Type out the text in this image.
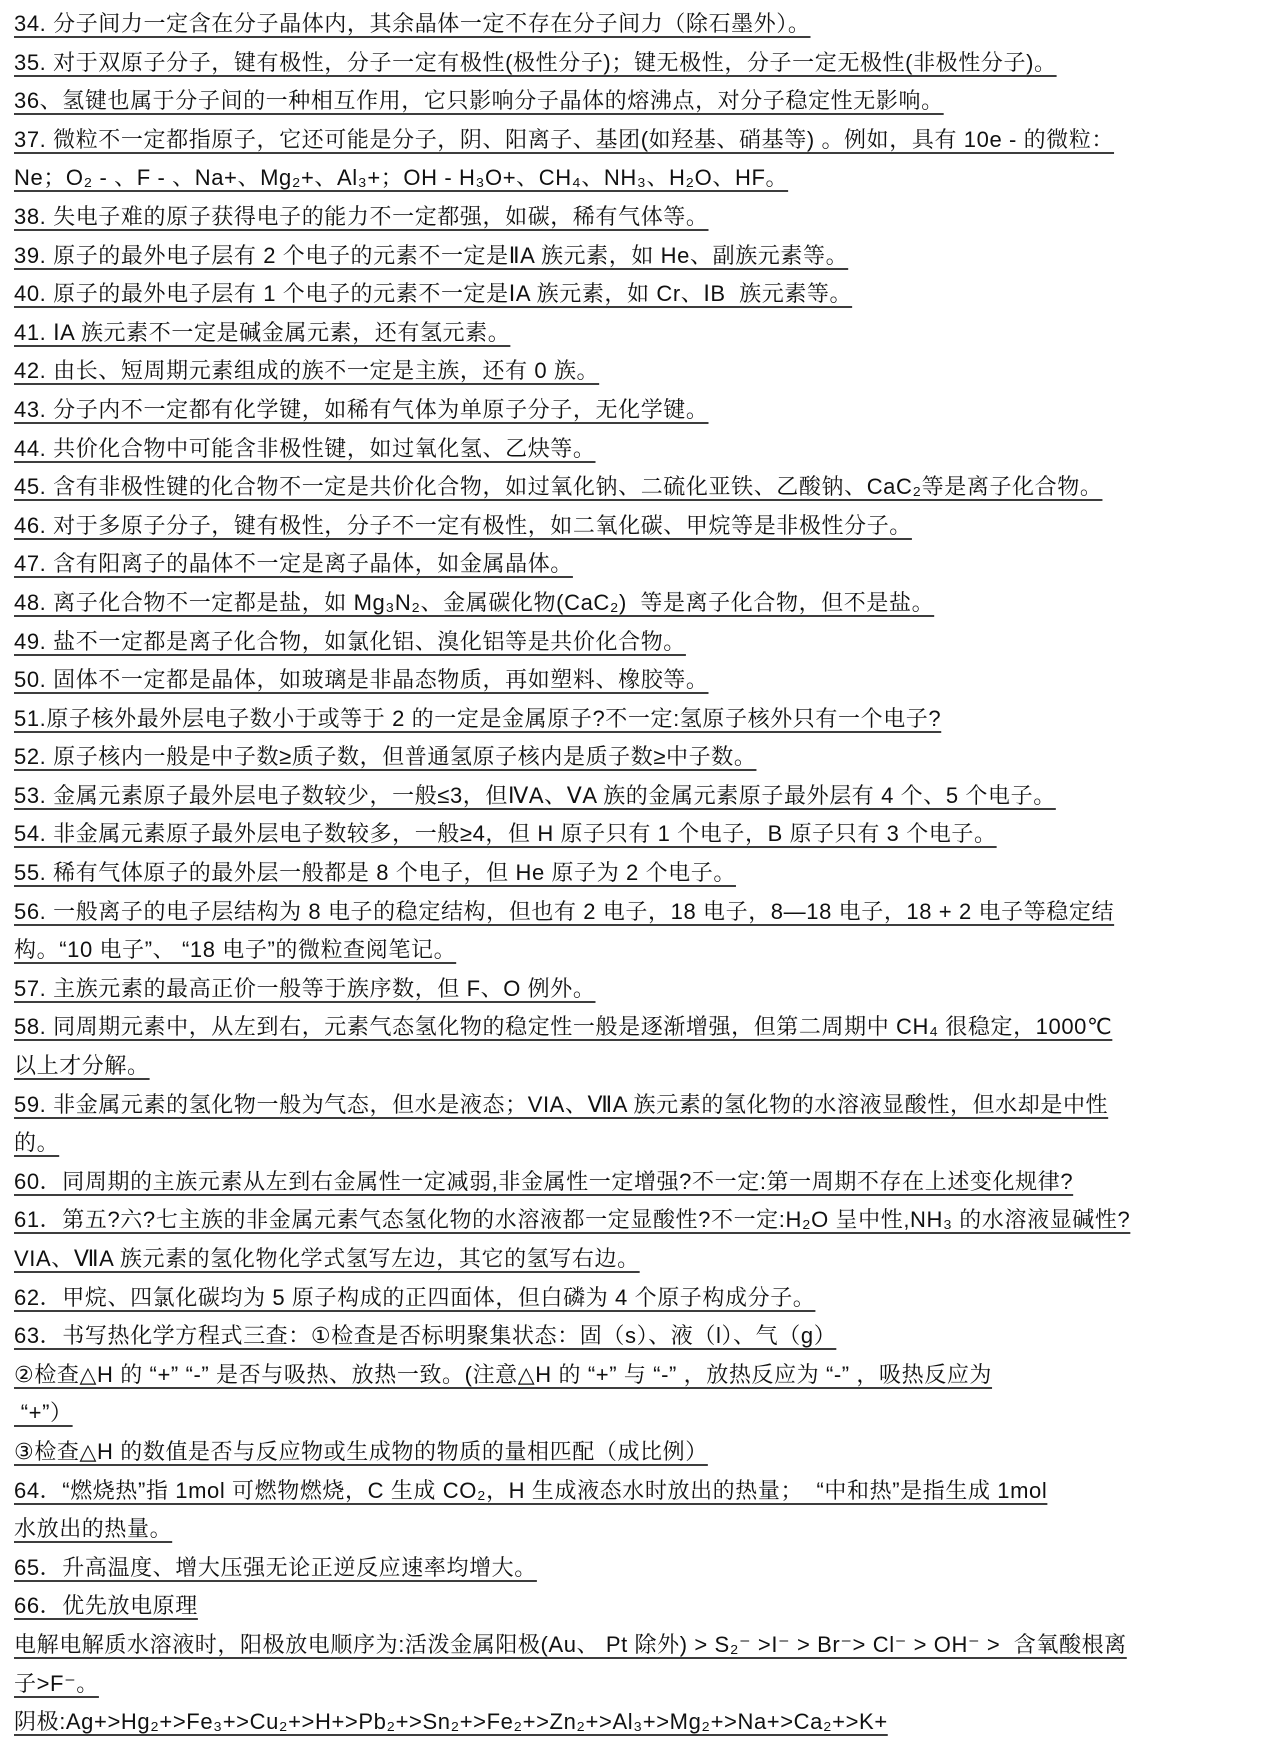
34. 分子间力一定含在分子晶体内，其余晶体一定不存在分子间力（除石墨外）。
35. 对于双原子分子，键有极性，分子一定有极性(极性分子)；键无极性，分子一定无极性(非极性分子)。
36、氢键也属于分子间的一种相互作用，它只影响分子晶体的熔沸点，对分子稳定性无影响。
37. 微粒不一定都指原子，它还可能是分子，阴、阳离子、基团(如羟基、硝基等) 。例如，具有 10e - 的微粒：
Ne；O₂ - 、F - 、Na+、Mg₂+、Al₃+；OH - H₃O+、CH₄、NH₃、H₂O、HF。
38. 失电子难的原子获得电子的能力不一定都强，如碳，稀有气体等。
39. 原子的最外电子层有 2 个电子的元素不一定是ⅡA 族元素，如 He、副族元素等。
40. 原子的最外电子层有 1 个电子的元素不一定是ⅠA 族元素，如 Cr、ⅠB  族元素等。
41. ⅠA 族元素不一定是碱金属元素，还有氢元素。
42. 由长、短周期元素组成的族不一定是主族，还有 0 族。
43. 分子内不一定都有化学键，如稀有气体为单原子分子，无化学键。
44. 共价化合物中可能含非极性键，如过氧化氢、乙炔等。
45. 含有非极性键的化合物不一定是共价化合物，如过氧化钠、二硫化亚铁、乙酸钠、CaC₂等是离子化合物。
46. 对于多原子分子，键有极性，分子不一定有极性，如二氧化碳、甲烷等是非极性分子。
47. 含有阳离子的晶体不一定是离子晶体，如金属晶体。
48. 离子化合物不一定都是盐，如 Mg₃N₂、金属碳化物(CaC₂)  等是离子化合物，但不是盐。
49. 盐不一定都是离子化合物，如氯化铝、溴化铝等是共价化合物。
50. 固体不一定都是晶体，如玻璃是非晶态物质，再如塑料、橡胶等。
51.原子核外最外层电子数小于或等于 2 的一定是金属原子?不一定:氢原子核外只有一个电子?
52. 原子核内一般是中子数≥质子数，但普通氢原子核内是质子数≥中子数。
53. 金属元素原子最外层电子数较少，一般≤3，但ⅣA、ⅤA 族的金属元素原子最外层有 4 个、5 个电子。
54. 非金属元素原子最外层电子数较多，一般≥4，但 H 原子只有 1 个电子，B 原子只有 3 个电子。
55. 稀有气体原子的最外层一般都是 8 个电子，但 He 原子为 2 个电子。
56. 一般离子的电子层结构为 8 电子的稳定结构，但也有 2 电子，18 电子，8—18 电子，18 + 2 电子等稳定结
构。“10 电子”、 “18 电子”的微粒查阅笔记。
57. 主族元素的最高正价一般等于族序数，但 F、O 例外。
58. 同周期元素中，从左到右，元素气态氢化物的稳定性一般是逐渐增强，但第二周期中 CH₄ 很稳定，1000℃
以上才分解。
59. 非金属元素的氢化物一般为气态，但水是液态；VIA、ⅦA 族元素的氢化物的水溶液显酸性，但水却是中性
的。
60．同周期的主族元素从左到右金属性一定减弱,非金属性一定增强?不一定:第一周期不存在上述变化规律?
61．第五?六?七主族的非金属元素气态氢化物的水溶液都一定显酸性?不一定:H₂O 呈中性,NH₃ 的水溶液显碱性?
VIA、ⅦA 族元素的氢化物化学式氢写左边，其它的氢写右边。
62．甲烷、四氯化碳均为 5 原子构成的正四面体，但白磷为 4 个原子构成分子。
63．书写热化学方程式三查：①检查是否标明聚集状态：固（s）、液（l）、气（g）
②检查△H 的 “+” “-” 是否与吸热、放热一致。(注意△H 的 “+” 与 “-” ，放热反应为 “-” ，吸热反应为
“+”）
③检查△H 的数值是否与反应物或生成物的物质的量相匹配（成比例）
64．“燃烧热”指 1mol 可燃物燃烧，C 生成 CO₂，H 生成液态水时放出的热量；  “中和热”是指生成 1mol
水放出的热量。
65．升高温度、增大压强无论正逆反应速率均增大。
66．优先放电原理
电解电解质水溶液时，阳极放电顺序为:活泼金属阳极(Au、 Pt 除外) > S₂⁻ >I⁻ > Br⁻> Cl⁻ > OH⁻ >  含氧酸根离
子>F⁻。
阴极:Ag+>Hg₂+>Fe₃+>Cu₂+>H+>Pb₂+>Sn₂+>Fe₂+>Zn₂+>Al₃+>Mg₂+>Na+>Ca₂+>K+
